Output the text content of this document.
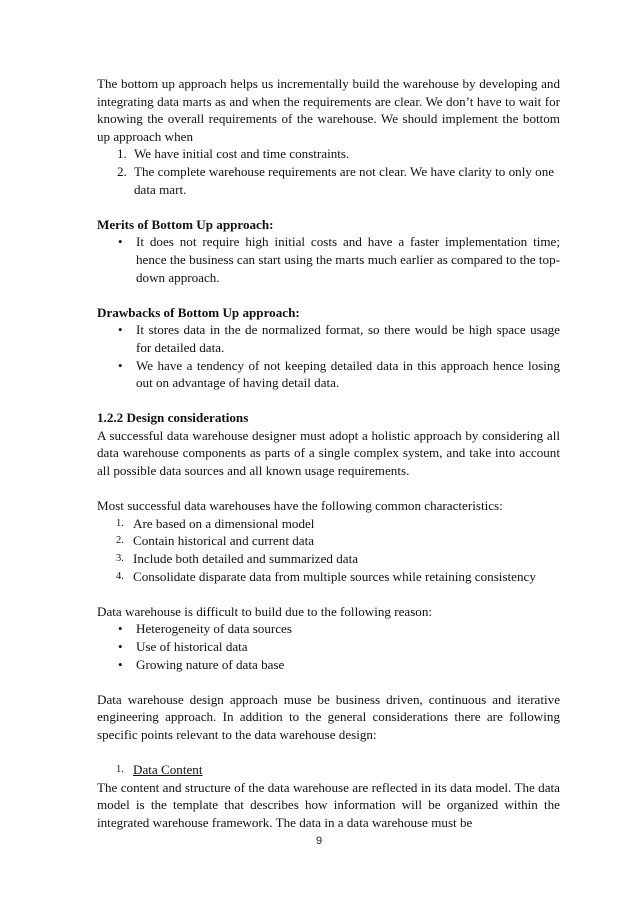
The bottom up approach helps us incrementally build the warehouse by developing and integrating data marts as and when the requirements are clear. We don’t have to wait for knowing the overall requirements of the warehouse. We should implement the bottom up approach when

1. We have initial cost and time constraints.
2. The complete warehouse requirements are not clear. We have clarity to only one data mart.

Merits of Bottom Up approach:

• It does not require high initial costs and have a faster implementation time; hence the business can start using the marts much earlier as compared to the top-down approach.

Drawbacks of Bottom Up approach:

• It stores data in the de normalized format, so there would be high space usage for detailed data.
• We have a tendency of not keeping detailed data in this approach hence losing out on advantage of having detail data.

1.2.2 Design considerations

A successful data warehouse designer must adopt a holistic approach by considering all data warehouse components as parts of a single complex system, and take into account all possible data sources and all known usage requirements.

Most successful data warehouses have the following common characteristics:

1. Are based on a dimensional model
2. Contain historical and current data
3. Include both detailed and summarized data
4. Consolidate disparate data from multiple sources while retaining consistency

Data warehouse is difficult to build due to the following reason:

• Heterogeneity of data sources
• Use of historical data
• Growing nature of data base

Data warehouse design approach muse be business driven, continuous and iterative engineering approach. In addition to the general considerations there are following specific points relevant to the data warehouse design:

1. Data Content

The content and structure of the data warehouse are reflected in its data model. The data model is the template that describes how information will be organized within the integrated warehouse framework. The data in a data warehouse must be

9
